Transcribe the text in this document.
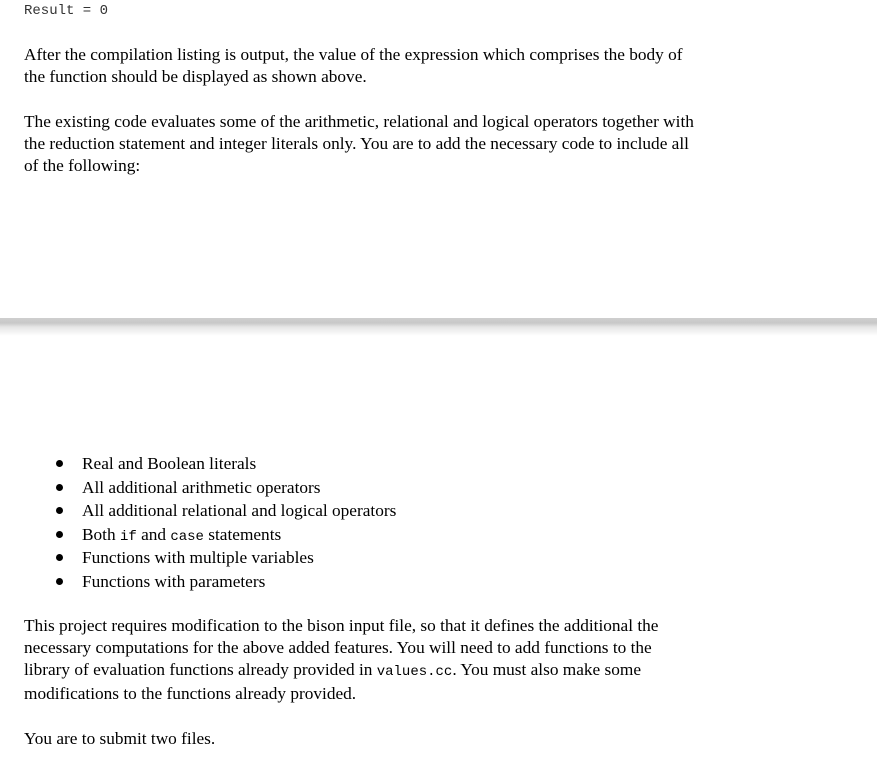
Result = 0

After the compilation listing is output, the value of the expression which comprises the body of
the function should be displayed as shown above.

The existing code evaluates some of the arithmetic, relational and logical operators together with
the reduction statement and integer literals only. You are to add the necessary code to include all
of the following:

Real and Boolean literals
All additional arithmetic operators
All additional relational and logical operators
Both if and case statements
Functions with multiple variables
Functions with parameters

This project requires modification to the bison input file, so that it defines the additional the
necessary computations for the above added features. You will need to add functions to the
library of evaluation functions already provided in values.cc. You must also make some
modifications to the functions already provided.

You are to submit two files.
